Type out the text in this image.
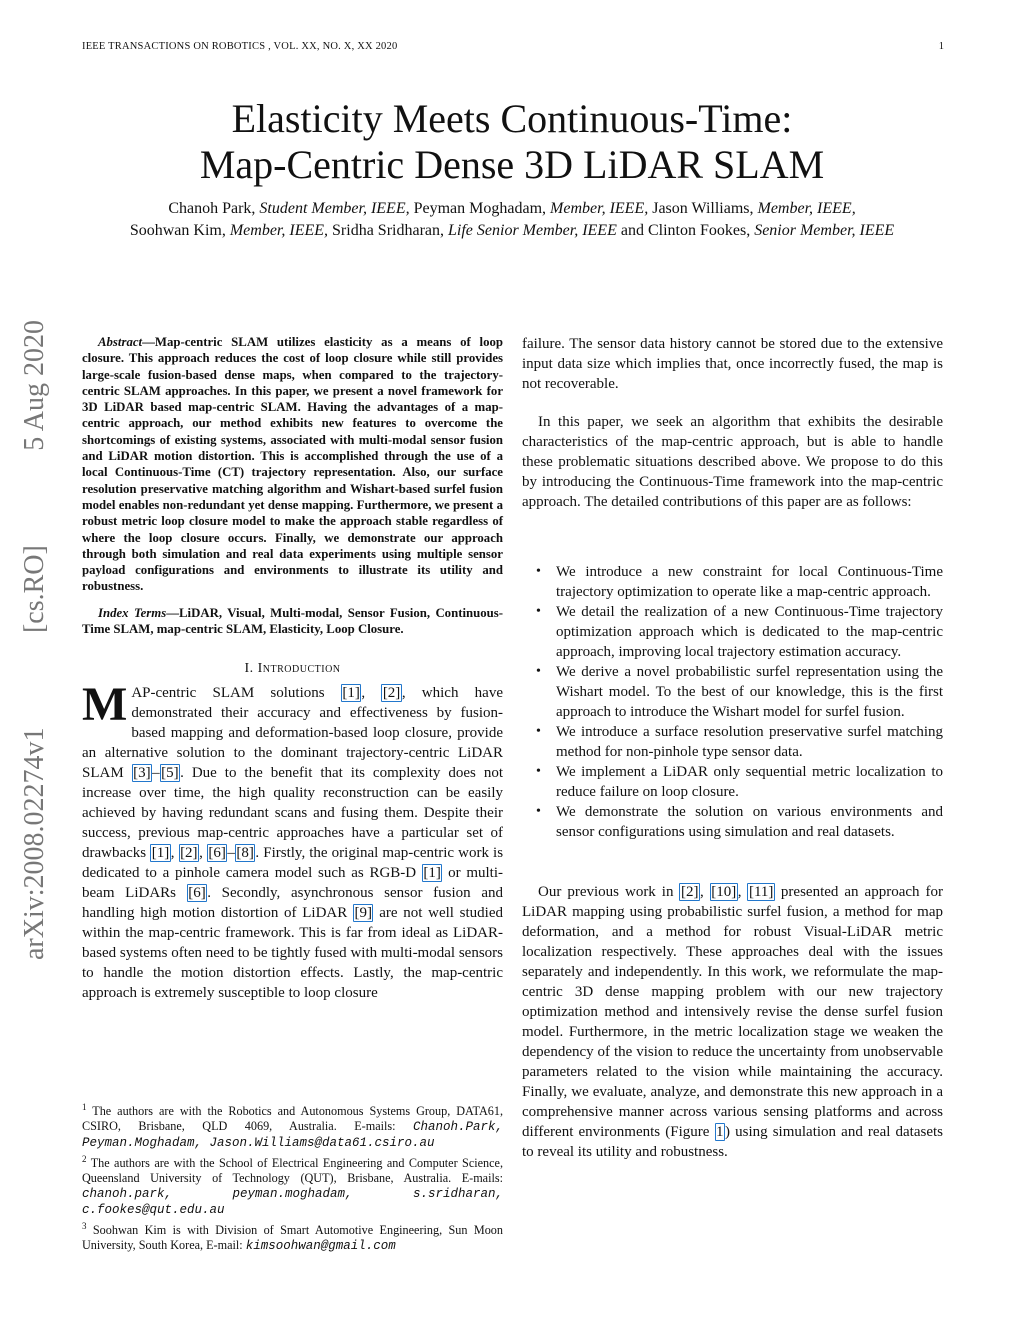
IEEE TRANSACTIONS ON ROBOTICS , VOL. XX, NO. X, XX 2020	1
arXiv:2008.02274v1
[cs.RO]
5 Aug 2020
Elasticity Meets Continuous-Time:
Map-Centric Dense 3D LiDAR SLAM
Chanoh Park, Student Member, IEEE, Peyman Moghadam, Member, IEEE, Jason Williams, Member, IEEE,
Soohwan Kim, Member, IEEE, Sridha Sridharan, Life Senior Member, IEEE and Clinton Fookes, Senior Member, IEEE

Abstract—Map-centric SLAM utilizes elasticity as a means of loop closure. This approach reduces the cost of loop closure while still provides large-scale fusion-based dense maps, when compared to the trajectory-centric SLAM approaches. In this paper, we present a novel framework for 3D LiDAR based map-centric SLAM. Having the advantages of a map-centric approach, our method exhibits new features to overcome the shortcomings of existing systems, associated with multi-modal sensor fusion and LiDAR motion distortion. This is accomplished through the use of a local Continuous-Time (CT) trajectory representation. Also, our surface resolution preservative matching algorithm and Wishart-based surfel fusion model enables non-redundant yet dense mapping. Furthermore, we present a robust metric loop closure model to make the approach stable regardless of where the loop closure occurs. Finally, we demonstrate our approach through both simulation and real data experiments using multiple sensor payload configurations and environments to illustrate its utility and robustness.

Index Terms—LiDAR, Visual, Multi-modal, Sensor Fusion, Continuous-Time SLAM, map-centric SLAM, Elasticity, Loop Closure.

I. Introduction

MAP-centric SLAM solutions [1] , [2] , which have demonstrated their accuracy and effectiveness by fusion-based mapping and deformation-based loop closure, provide an alternative solution to the dominant trajectory-centric LiDAR SLAM [3] – [5] . Due to the benefit that its complexity does not increase over time, the high quality reconstruction can be easily achieved by having redundant scans and fusing them. Despite their success, previous map-centric approaches have a particular set of drawbacks [1] , [2] , [6] – [8] . Firstly, the original map-centric work is dedicated to a pinhole camera model such as RGB-D [1] or multi-beam LiDARs [6] . Secondly, asynchronous sensor fusion and handling high motion distortion of LiDAR [9] are not well studied within the map-centric framework. This is far from ideal as LiDAR-based systems often need to be tightly fused with multi-modal sensors to handle the motion distortion effects. Lastly, the map-centric approach is extremely susceptible to loop closure

$^1$ The authors are with the Robotics and Autonomous Systems Group, DATA61, CSIRO, Brisbane, QLD 4069, Australia. E-mails: Chanoh.Park, Peyman.Moghadam, Jason.Williams@data61.csiro.au

$^2$ The authors are with the School of Electrical Engineering and Computer Science, Queensland University of Technology (QUT), Brisbane, Australia. E-mails: chanoh.park, peyman.moghadam, s.sridharan, c.fookes@qut.edu.au

$^3$ Soohwan Kim is with Division of Smart Automotive Engineering, Sun Moon University, South Korea, E-mail: kimsoohwan@gmail.com

failure. The sensor data history cannot be stored due to the extensive input data size which implies that, once incorrectly fused, the map is not recoverable.

In this paper, we seek an algorithm that exhibits the desirable characteristics of the map-centric approach, but is able to handle these problematic situations described above. We propose to do this by introducing the Continuous-Time framework into the map-centric approach. The detailed contributions of this paper are as follows:

• We introduce a new constraint for local Continuous-Time trajectory optimization to operate like a map-centric approach.
• We detail the realization of a new Continuous-Time trajectory optimization approach which is dedicated to the map-centric approach, improving local trajectory estimation accuracy.
• We derive a novel probabilistic surfel representation using the Wishart model. To the best of our knowledge, this is the first approach to introduce the Wishart model for surfel fusion.
• We introduce a surface resolution preservative surfel matching method for non-pinhole type sensor data.
• We implement a LiDAR only sequential metric localization to reduce failure on loop closure.
• We demonstrate the solution on various environments and sensor configurations using simulation and real datasets.

Our previous work in [2] , [10] , [11] presented an approach for LiDAR mapping using probabilistic surfel fusion, a method for map deformation, and a method for robust Visual-LiDAR metric localization respectively. These approaches deal with the issues separately and independently. In this work, we reformulate the map-centric 3D dense mapping problem with our new trajectory optimization method and intensively revise the dense surfel fusion model. Furthermore, in the metric localization stage we weaken the dependency of the vision to reduce the uncertainty from unobservable parameters related to the vision while maintaining the accuracy. Finally, we evaluate, analyze, and demonstrate this new approach in a comprehensive manner across various sensing platforms and across different environments (Figure 1 ) using simulation and real datasets to reveal its utility and robustness.
